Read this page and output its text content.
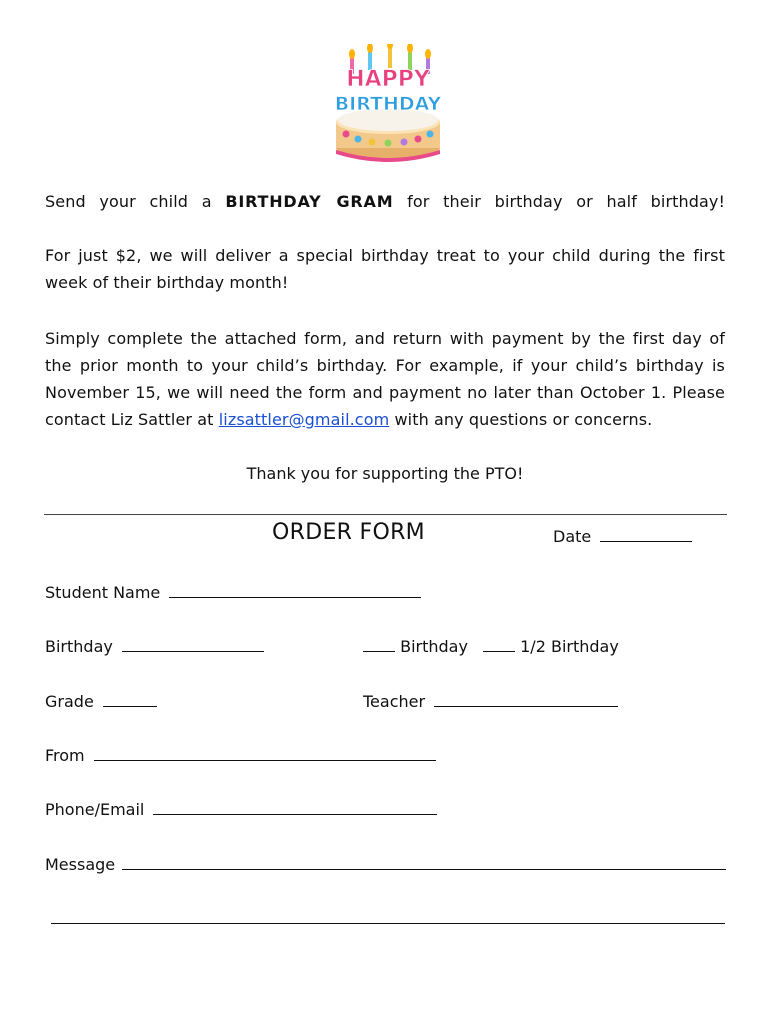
HAPPY
BIRTHDAY
Send your child a BIRTHDAY GRAM for their birthday or half birthday!
For just $2, we will deliver a special birthday treat to your child during the first week of their birthday month!
Simply complete the attached form, and return with payment by the first day of the prior month to your child’s birthday. For example, if your child’s birthday is November 15, we will need the form and payment no later than October 1. Please contact Liz Sattler at lizsattler@gmail.com with any questions or concerns.
Thank you for supporting the PTO!
ORDER FORM	Date
Student Name
Birthday	Birthday	1/2 Birthday
Grade	Teacher
From
Phone/Email
Message
